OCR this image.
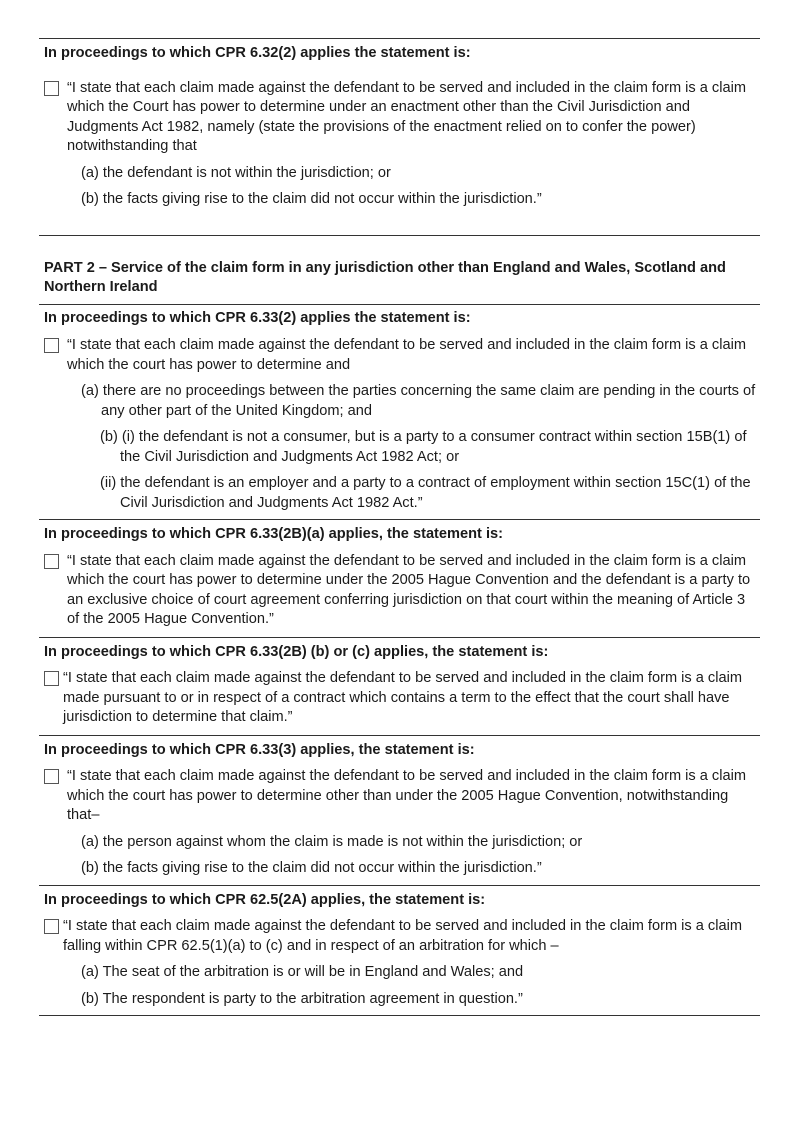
In proceedings to which CPR 6.32(2) applies the statement is:
“I state that each claim made against the defendant to be served and included in the claim form is a claim which the Court has power to determine under an enactment other than the Civil Jurisdiction and Judgments Act 1982, namely (state the provisions of the enactment relied on to confer the power) notwithstanding that
(a) the defendant is not within the jurisdiction; or
(b) the facts giving rise to the claim did not occur within the jurisdiction.”
PART 2 – Service of the claim form in any jurisdiction other than England and Wales, Scotland and Northern Ireland
In proceedings to which CPR 6.33(2) applies the statement is:
“I state that each claim made against the defendant to be served and included in the claim form is a claim which the court has power to determine and
(a) there are no proceedings between the parties concerning the same claim are pending in the courts of any other part of the United Kingdom; and
(b) (i) the defendant is not a consumer, but is a party to a consumer contract within section 15B(1) of the Civil Jurisdiction and Judgments Act 1982 Act; or
(ii) the defendant is an employer and a party to a contract of employment within section 15C(1) of the Civil Jurisdiction and Judgments Act 1982 Act.”
In proceedings to which CPR 6.33(2B)(a) applies, the statement is:
“I state that each claim made against the defendant to be served and included in the claim form is a claim which the court has power to determine under the 2005 Hague Convention and the defendant is a party to an exclusive choice of court agreement conferring jurisdiction on that court within the meaning of Article 3 of the 2005 Hague Convention.”
In proceedings to which CPR 6.33(2B) (b) or (c) applies, the statement is:
“I state that each claim made against the defendant to be served and included in the claim form is a claim made pursuant to or in respect of a contract which contains a term to the effect that the court shall have jurisdiction to determine that claim.”
In proceedings to which CPR 6.33(3) applies, the statement is:
“I state that each claim made against the defendant to be served and included in the claim form is a claim which the court has power to determine other than under the 2005 Hague Convention, notwithstanding that–
(a) the person against whom the claim is made is not within the jurisdiction; or
(b) the facts giving rise to the claim did not occur within the jurisdiction.”
In proceedings to which CPR 62.5(2A) applies, the statement is:
“I state that each claim made against the defendant to be served and included in the claim form is a claim falling within CPR 62.5(1)(a) to (c) and in respect of an arbitration for which –
(a) The seat of the arbitration is or will be in England and Wales; and
(b) The respondent is party to the arbitration agreement in question.”
